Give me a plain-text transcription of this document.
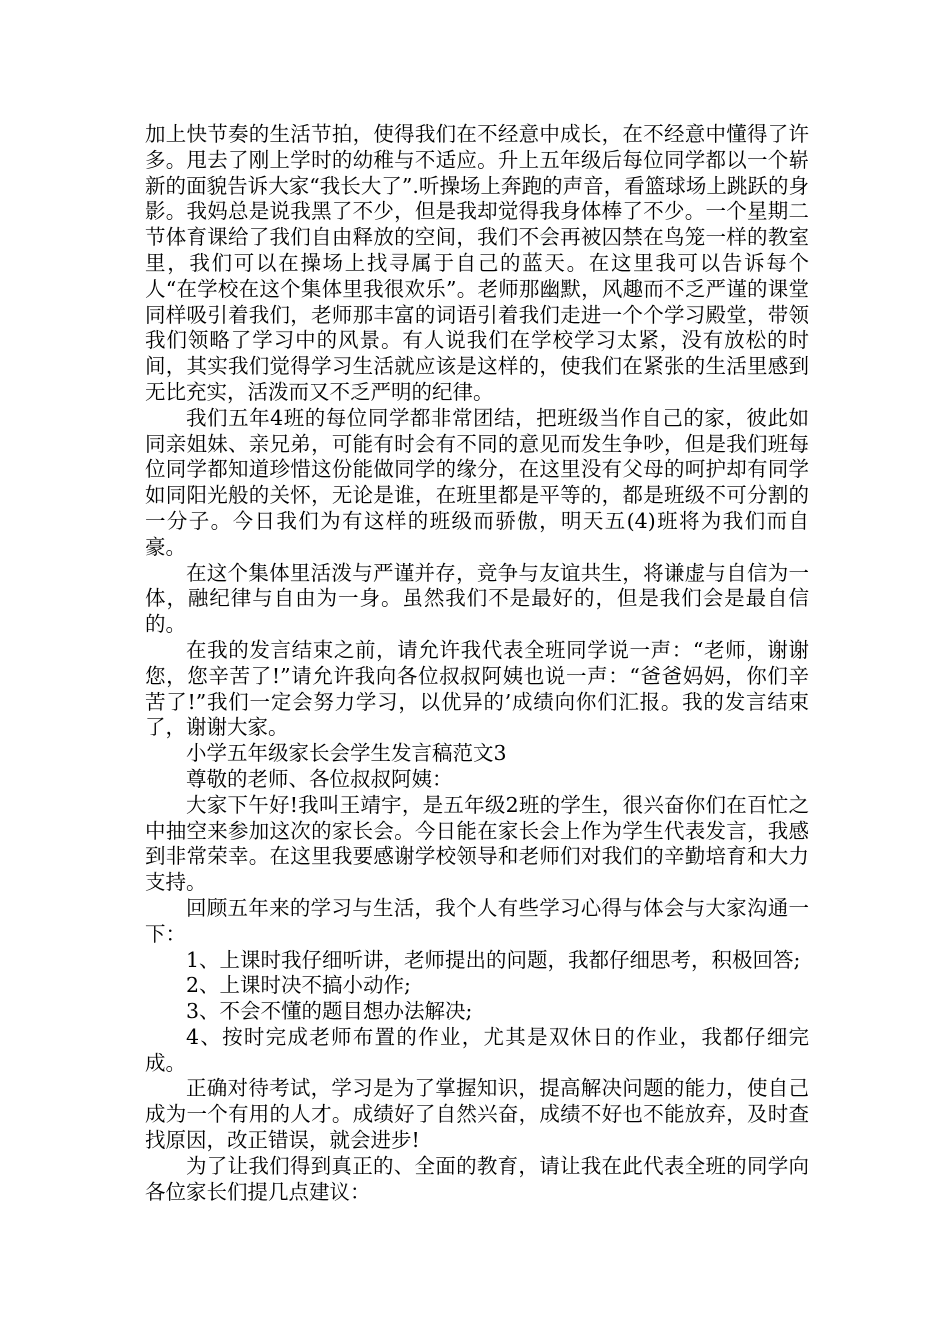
加上快节奏的生活节拍，使得我们在不经意中成长，在不经意中懂得了许多。甩去了刚上学时的幼稚与不适应。升上五年级后每位同学都以一个崭新的面貌告诉大家“我长大了”.听操场上奔跑的声音，看篮球场上跳跃的身影。我妈总是说我黑了不少，但是我却觉得我身体棒了不少。一个星期二节体育课给了我们自由释放的空间，我们不会再被囚禁在鸟笼一样的教室里，我们可以在操场上找寻属于自己的蓝天。在这里我可以告诉每个人“在学校在这个集体里我很欢乐”。老师那幽默，风趣而不乏严谨的课堂同样吸引着我们，老师那丰富的词语引着我们走进一个个学习殿堂，带领我们领略了学习中的风景。有人说我们在学校学习太紧，没有放松的时间，其实我们觉得学习生活就应该是这样的，使我们在紧张的生活里感到无比充实，活泼而又不乏严明的纪律。

我们五年4班的每位同学都非常团结，把班级当作自己的家，彼此如同亲姐妹、亲兄弟，可能有时会有不同的意见而发生争吵，但是我们班每位同学都知道珍惜这份能做同学的缘分，在这里没有父母的呵护却有同学如同阳光般的关怀，无论是谁，在班里都是平等的，都是班级不可分割的一分子。今日我们为有这样的班级而骄傲，明天五(4)班将为我们而自豪。

在这个集体里活泼与严谨并存，竞争与友谊共生，将谦虚与自信为一体，融纪律与自由为一身。虽然我们不是最好的，但是我们会是最自信的。

在我的发言结束之前，请允许我代表全班同学说一声：“老师，谢谢您，您辛苦了!”请允许我向各位叔叔阿姨也说一声：“爸爸妈妈，你们辛苦了!”我们一定会努力学习，以优异的’成绩向你们汇报。我的发言结束了，谢谢大家。

小学五年级家长会学生发言稿范文3

尊敬的老师、各位叔叔阿姨：

大家下午好!我叫王靖宇，是五年级2班的学生，很兴奋你们在百忙之中抽空来参加这次的家长会。今日能在家长会上作为学生代表发言，我感到非常荣幸。在这里我要感谢学校领导和老师们对我们的辛勤培育和大力支持。

回顾五年来的学习与生活，我个人有些学习心得与体会与大家沟通一下：

1、上课时我仔细听讲，老师提出的问题，我都仔细思考，积极回答;

2、上课时决不搞小动作;

3、不会不懂的题目想办法解决;

4、按时完成老师布置的作业，尤其是双休日的作业，我都仔细完成。

正确对待考试，学习是为了掌握知识，提高解决问题的能力，使自己成为一个有用的人才。成绩好了自然兴奋，成绩不好也不能放弃，及时查找原因，改正错误，就会进步!

为了让我们得到真正的、全面的教育，请让我在此代表全班的同学向各位家长们提几点建议：
